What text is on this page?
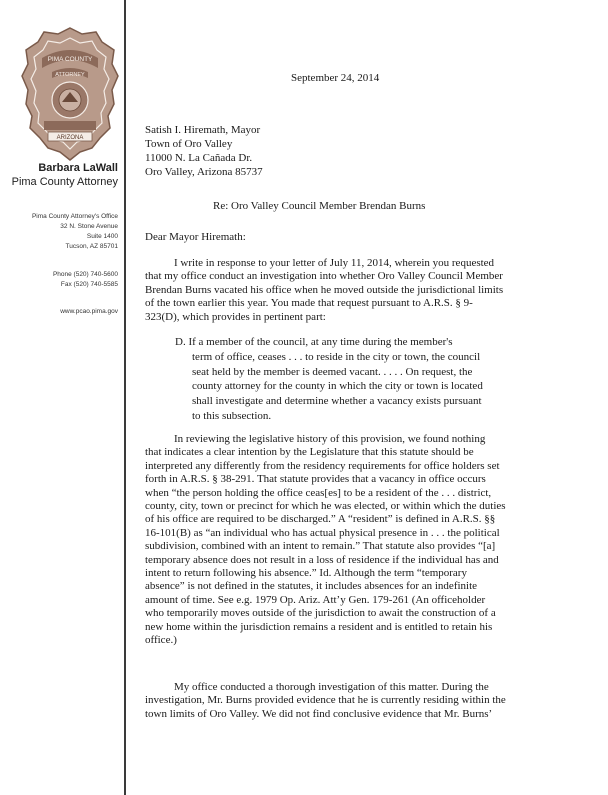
PIMA COUNTY
ATTORNEY
ARIZONA
Barbara LaWall
Pima County Attorney
Pima County Attorney's Office
32 N. Stone Avenue
Suite 1400
Tucson, AZ 85701
Phone (520) 740-5600
Fax (520) 740-5585
www.pcao.pima.gov
September 24, 2014
Satish I. Hiremath, Mayor
Town of Oro Valley
11000 N. La Cañada Dr.
Oro Valley, Arizona 85737
Re: Oro Valley Council Member Brendan Burns
Dear Mayor Hiremath:
I write in response to your letter of July 11, 2014, wherein you requested
that my office conduct an investigation into whether Oro Valley Council Member
Brendan Burns vacated his office when he moved outside the jurisdictional limits
of the town earlier this year. You made that request pursuant to A.R.S. § 9-
323(D), which provides in pertinent part:
D. If a member of the council, at any time during the member's
term of office, ceases . . . to reside in the city or town, the council
seat held by the member is deemed vacant. . . . . On request, the
county attorney for the county in which the city or town is located
shall investigate and determine whether a vacancy exists pursuant
to this subsection.
In reviewing the legislative history of this provision, we found nothing
that indicates a clear intention by the Legislature that this statute should be
interpreted any differently from the residency requirements for office holders set
forth in A.R.S. § 38-291. That statute provides that a vacancy in office occurs
when “the person holding the office ceas[es] to be a resident of the . . . district,
county, city, town or precinct for which he was elected, or within which the duties
of his office are required to be discharged.” A “resident” is defined in A.R.S. §§
16-101(B) as “an individual who has actual physical presence in . . . the political
subdivision, combined with an intent to remain.” That statute also provides “[a]
temporary absence does not result in a loss of residence if the individual has and
intent to return following his absence.” Id. Although the term “temporary
absence” is not defined in the statutes, it includes absences for an indefinite
amount of time. See e.g. 1979 Op. Ariz. Att’y Gen. 179-261 (An officeholder
who temporarily moves outside of the jurisdiction to await the construction of a
new home within the jurisdiction remains a resident and is entitled to retain his
office.)
My office conducted a thorough investigation of this matter. During the
investigation, Mr. Burns provided evidence that he is currently residing within the
town limits of Oro Valley. We did not find conclusive evidence that Mr. Burns’
